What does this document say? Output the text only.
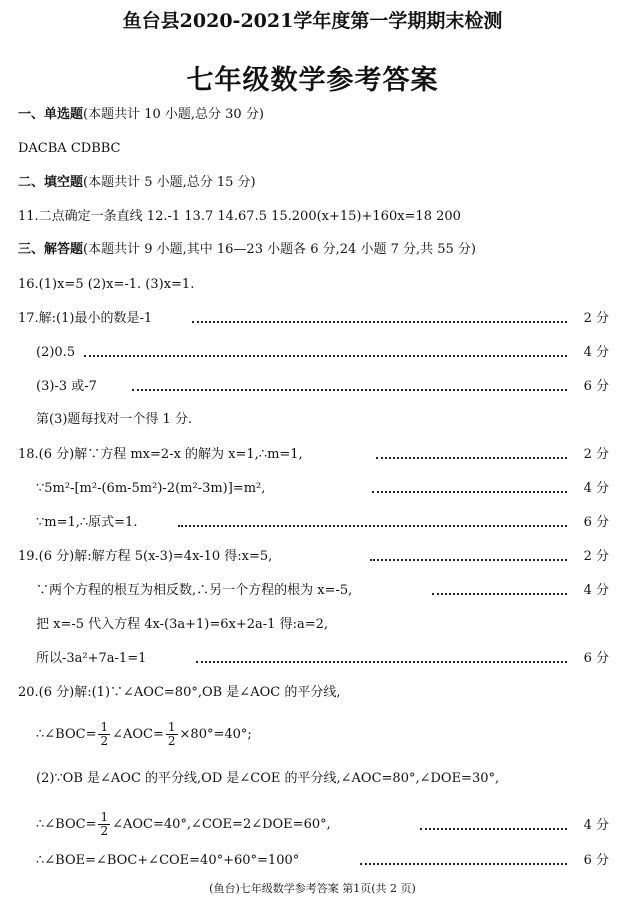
鱼台县2020-2021学年度第一学期期末检测
七年级数学参考答案
一、单选题(本题共计 10 小题,总分 30 分)
DACBA CDBBC
二、填空题(本题共计 5 小题,总分 15 分)
11.二点确定一条直线 12.-1 13.7 14.67.5 15.200(x+15)+160x=18 200
三、解答题(本题共计 9 小题,其中 16—23 小题各 6 分,24 小题 7 分,共 55 分)
16.(1)x=5 (2)x=-1. (3)x=1.
17.解:(1)最小的数是-1	2 分
(2)0.5	4 分
(3)-3 或-7	6 分
第(3)题每找对一个得 1 分.
18.(6 分)解∵方程 mx=2-x 的解为 x=1,∴m=1,	2 分
∵5m²-[m²-(6m-5m²)-2(m²-3m)]=m²,	4 分
∵m=1,∴原式=1.	6 分
19.(6 分)解:解方程 5(x-3)=4x-10 得:x=5,	2 分
∵两个方程的根互为相反数,∴另一个方程的根为 x=-5,	4 分
把 x=-5 代入方程 4x-(3a+1)=6x+2a-1 得:a=2,
所以-3a²+7a-1=1	6 分
20.(6 分)解:(1)∵∠AOC=80°,OB 是∠AOC 的平分线,
∴∠BOC= $\frac{1}{2}$ ∠AOC= $\frac{1}{2} \times 80^\circ=40^\circ$;
(2)∵OB 是∠AOC 的平分线,OD 是∠COE 的平分线,∠AOC=80°,∠DOE=30°,
∴∠BOC= $\frac{1}{2}$ ∠AOC=40°,∠COE=2∠DOE=60°,	4 分
∴∠BOE=∠BOC+∠COE=40°+60°=100°	6 分
(鱼台)七年级数学参考答案 第1页(共 2 页)
